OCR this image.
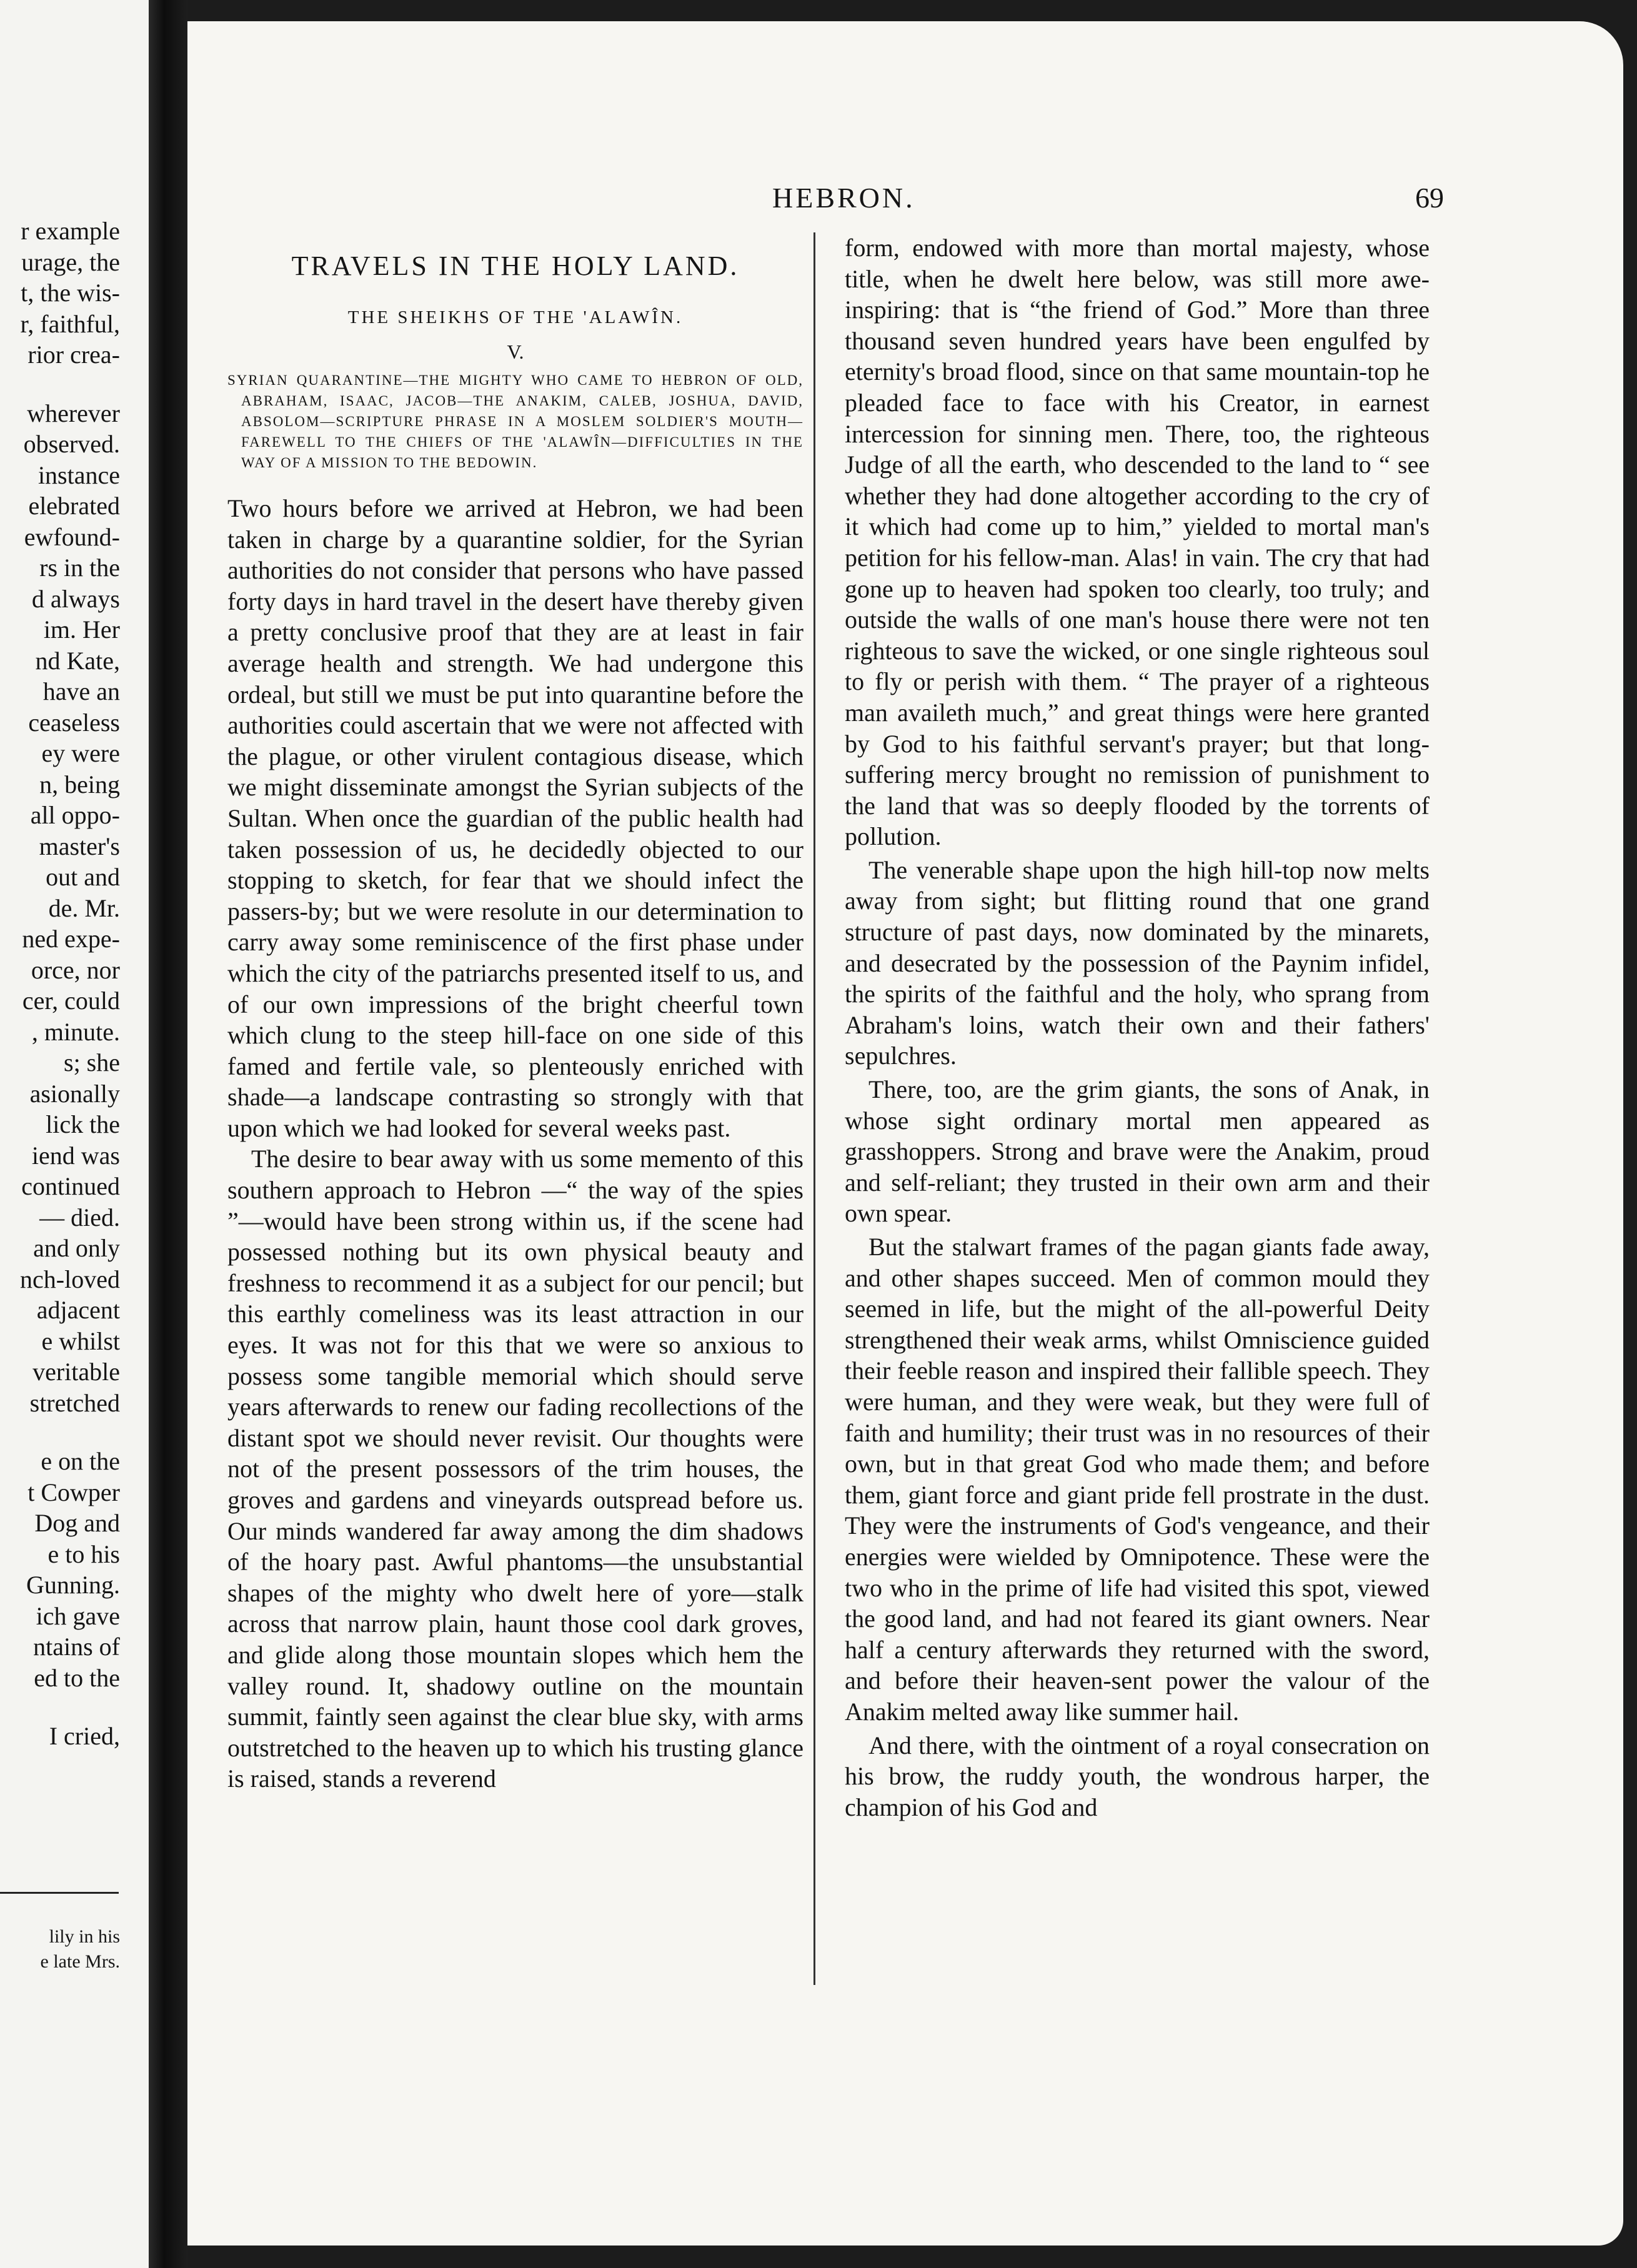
r example
urage, the
t, the wis-
r, faithful,
rior crea-
wherever
observed.
instance
elebrated
ewfound-
rs in the
d always
im. Her
nd Kate,
have an
ceaseless
ey were
n, being
all oppo-
master's
out and
de. Mr.
ned expe-
orce, nor
cer, could
, minute.
s; she
asionally
lick the
iend was
continued
— died.
and only
nch-loved
adjacent
e whilst
veritable
stretched
e on the
t Cowper
Dog and
e to his
Gunning.
ich gave
ntains of
ed to the
I cried,
lily in his
e late Mrs.
HEBRON.	69
TRAVELS IN THE HOLY LAND.
THE SHEIKHS OF THE 'ALAWÎN.
V.
SYRIAN QUARANTINE—THE MIGHTY WHO CAME TO HEBRON OF OLD, ABRAHAM, ISAAC, JACOB—THE ANAKIM, CALEB, JOSHUA, DAVID, ABSOLOM—SCRIPTURE PHRASE IN A MOSLEM SOLDIER'S MOUTH—FAREWELL TO THE CHIEFS OF THE 'ALAWÎN—DIFFICULTIES IN THE WAY OF A MISSION TO THE BEDOWIN.

Two hours before we arrived at Hebron, we had been taken in charge by a quarantine soldier, for the Syrian authorities do not consider that persons who have passed forty days in hard travel in the desert have thereby given a pretty conclusive proof that they are at least in fair average health and strength. We had undergone this ordeal, but still we must be put into quarantine before the authorities could ascertain that we were not affected with the plague, or other virulent contagious disease, which we might disseminate amongst the Syrian subjects of the Sultan. When once the guardian of the public health had taken possession of us, he decidedly objected to our stopping to sketch, for fear that we should infect the passers-by; but we were resolute in our determination to carry away some reminiscence of the first phase under which the city of the patriarchs presented itself to us, and of our own impressions of the bright cheerful town which clung to the steep hill-face on one side of this famed and fertile vale, so plenteously enriched with shade—a landscape contrasting so strongly with that upon which we had looked for several weeks past.

The desire to bear away with us some memento of this southern approach to Hebron —“ the way of the spies ”—would have been strong within us, if the scene had possessed nothing but its own physical beauty and freshness to recommend it as a subject for our pencil; but this earthly comeliness was its least attraction in our eyes. It was not for this that we were so anxious to possess some tangible memorial which should serve years afterwards to renew our fading recollections of the distant spot we should never revisit. Our thoughts were not of the present possessors of the trim houses, the groves and gardens and vineyards outspread before us. Our minds wandered far away among the dim shadows of the hoary past. Awful phantoms—the unsubstantial shapes of the mighty who dwelt here of yore—stalk across that narrow plain, haunt those cool dark groves, and glide along those mountain slopes which hem the valley round. It, shadowy outline on the mountain summit, faintly seen against the clear blue sky, with arms outstretched to the heaven up to which his trusting glance is raised, stands a reverend

form, endowed with more than mortal majesty, whose title, when he dwelt here below, was still more awe-inspiring: that is “the friend of God.” More than three thousand seven hundred years have been engulfed by eternity's broad flood, since on that same mountain-top he pleaded face to face with his Creator, in earnest intercession for sinning men. There, too, the righteous Judge of all the earth, who descended to the land to “ see whether they had done altogether according to the cry of it which had come up to him,” yielded to mortal man's petition for his fellow-man. Alas! in vain. The cry that had gone up to heaven had spoken too clearly, too truly; and outside the walls of one man's house there were not ten righteous to save the wicked, or one single righteous soul to fly or perish with them. “ The prayer of a righteous man availeth much,” and great things were here granted by God to his faithful servant's prayer; but that long-suffering mercy brought no remission of punishment to the land that was so deeply flooded by the torrents of pollution.

The venerable shape upon the high hill-top now melts away from sight; but flitting round that one grand structure of past days, now dominated by the minarets, and desecrated by the possession of the Paynim infidel, the spirits of the faithful and the holy, who sprang from Abraham's loins, watch their own and their fathers' sepulchres.

There, too, are the grim giants, the sons of Anak, in whose sight ordinary mortal men appeared as grasshoppers. Strong and brave were the Anakim, proud and self-reliant; they trusted in their own arm and their own spear.

But the stalwart frames of the pagan giants fade away, and other shapes succeed. Men of common mould they seemed in life, but the might of the all-powerful Deity strengthened their weak arms, whilst Omniscience guided their feeble reason and inspired their fallible speech. They were human, and they were weak, but they were full of faith and humility; their trust was in no resources of their own, but in that great God who made them; and before them, giant force and giant pride fell prostrate in the dust. They were the instruments of God's vengeance, and their energies were wielded by Omnipotence. These were the two who in the prime of life had visited this spot, viewed the good land, and had not feared its giant owners. Near half a century afterwards they returned with the sword, and before their heaven-sent power the valour of the Anakim melted away like summer hail.

And there, with the ointment of a royal consecration on his brow, the ruddy youth, the wondrous harper, the champion of his God and
